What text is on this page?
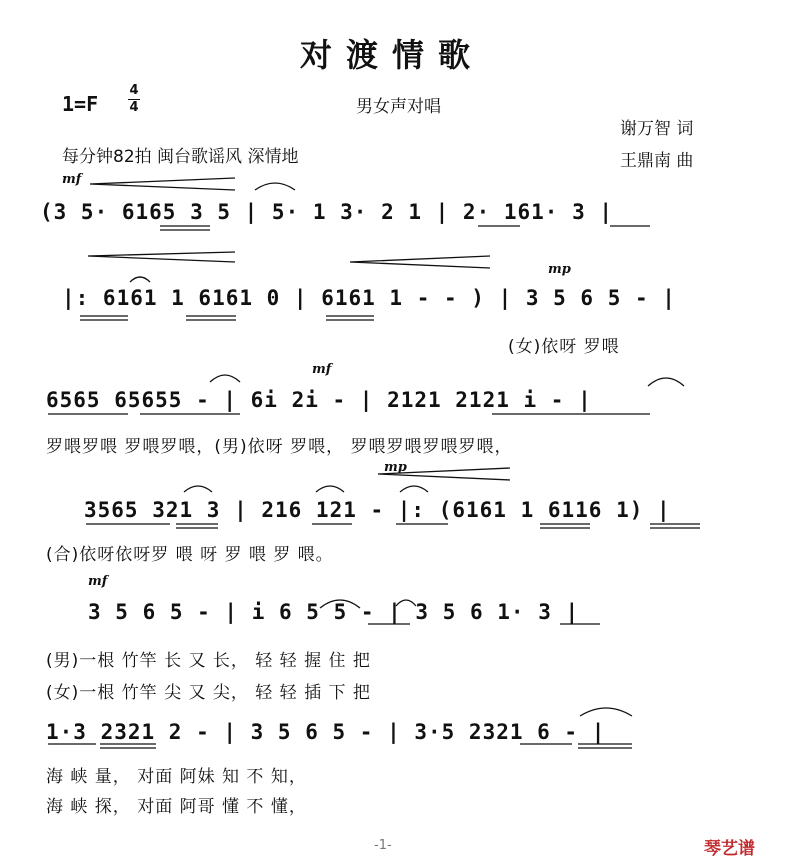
对渡情歌
1=F
4
4	男女声对唱
谢万智 词
王鼎南 曲
每分钟82拍 闽台歌谣风 深情地
mf
(3 5· 6165 3 5 | 5· 1 3· 2 1 | 2· 161· 3 |
mp
|: 6161 1 6161 0 | 6161 1 - - ) | 3 5 6 5 - |
(女)依呀 罗喂
mf
6565 65655 - | 6i 2i - | 2121 2121 i - |
罗喂罗喂 罗喂罗喂，(男)依呀 罗喂， 罗喂罗喂罗喂罗喂，
mp
3565 321 3 | 216 121 - |: (6161 1 6116 1) |
(合)依呀依呀罗 喂 呀 罗 喂 罗 喂。
mf
3 5 6 5 - | i 6 5 5 - | 3 5 6 1· 3 |
(男)一根 竹竿 长 又 长， 轻 轻 握 住 把
(女)一根 竹竿 尖 又 尖， 轻 轻 插 下 把
1·3 2321 2 - | 3 5 6 5 - | 3·5 2321 6 - |
海 峡 量， 对面 阿妹 知 不 知，
海 峡 探， 对面 阿哥 懂 不 懂，
-1-	琴艺谱
